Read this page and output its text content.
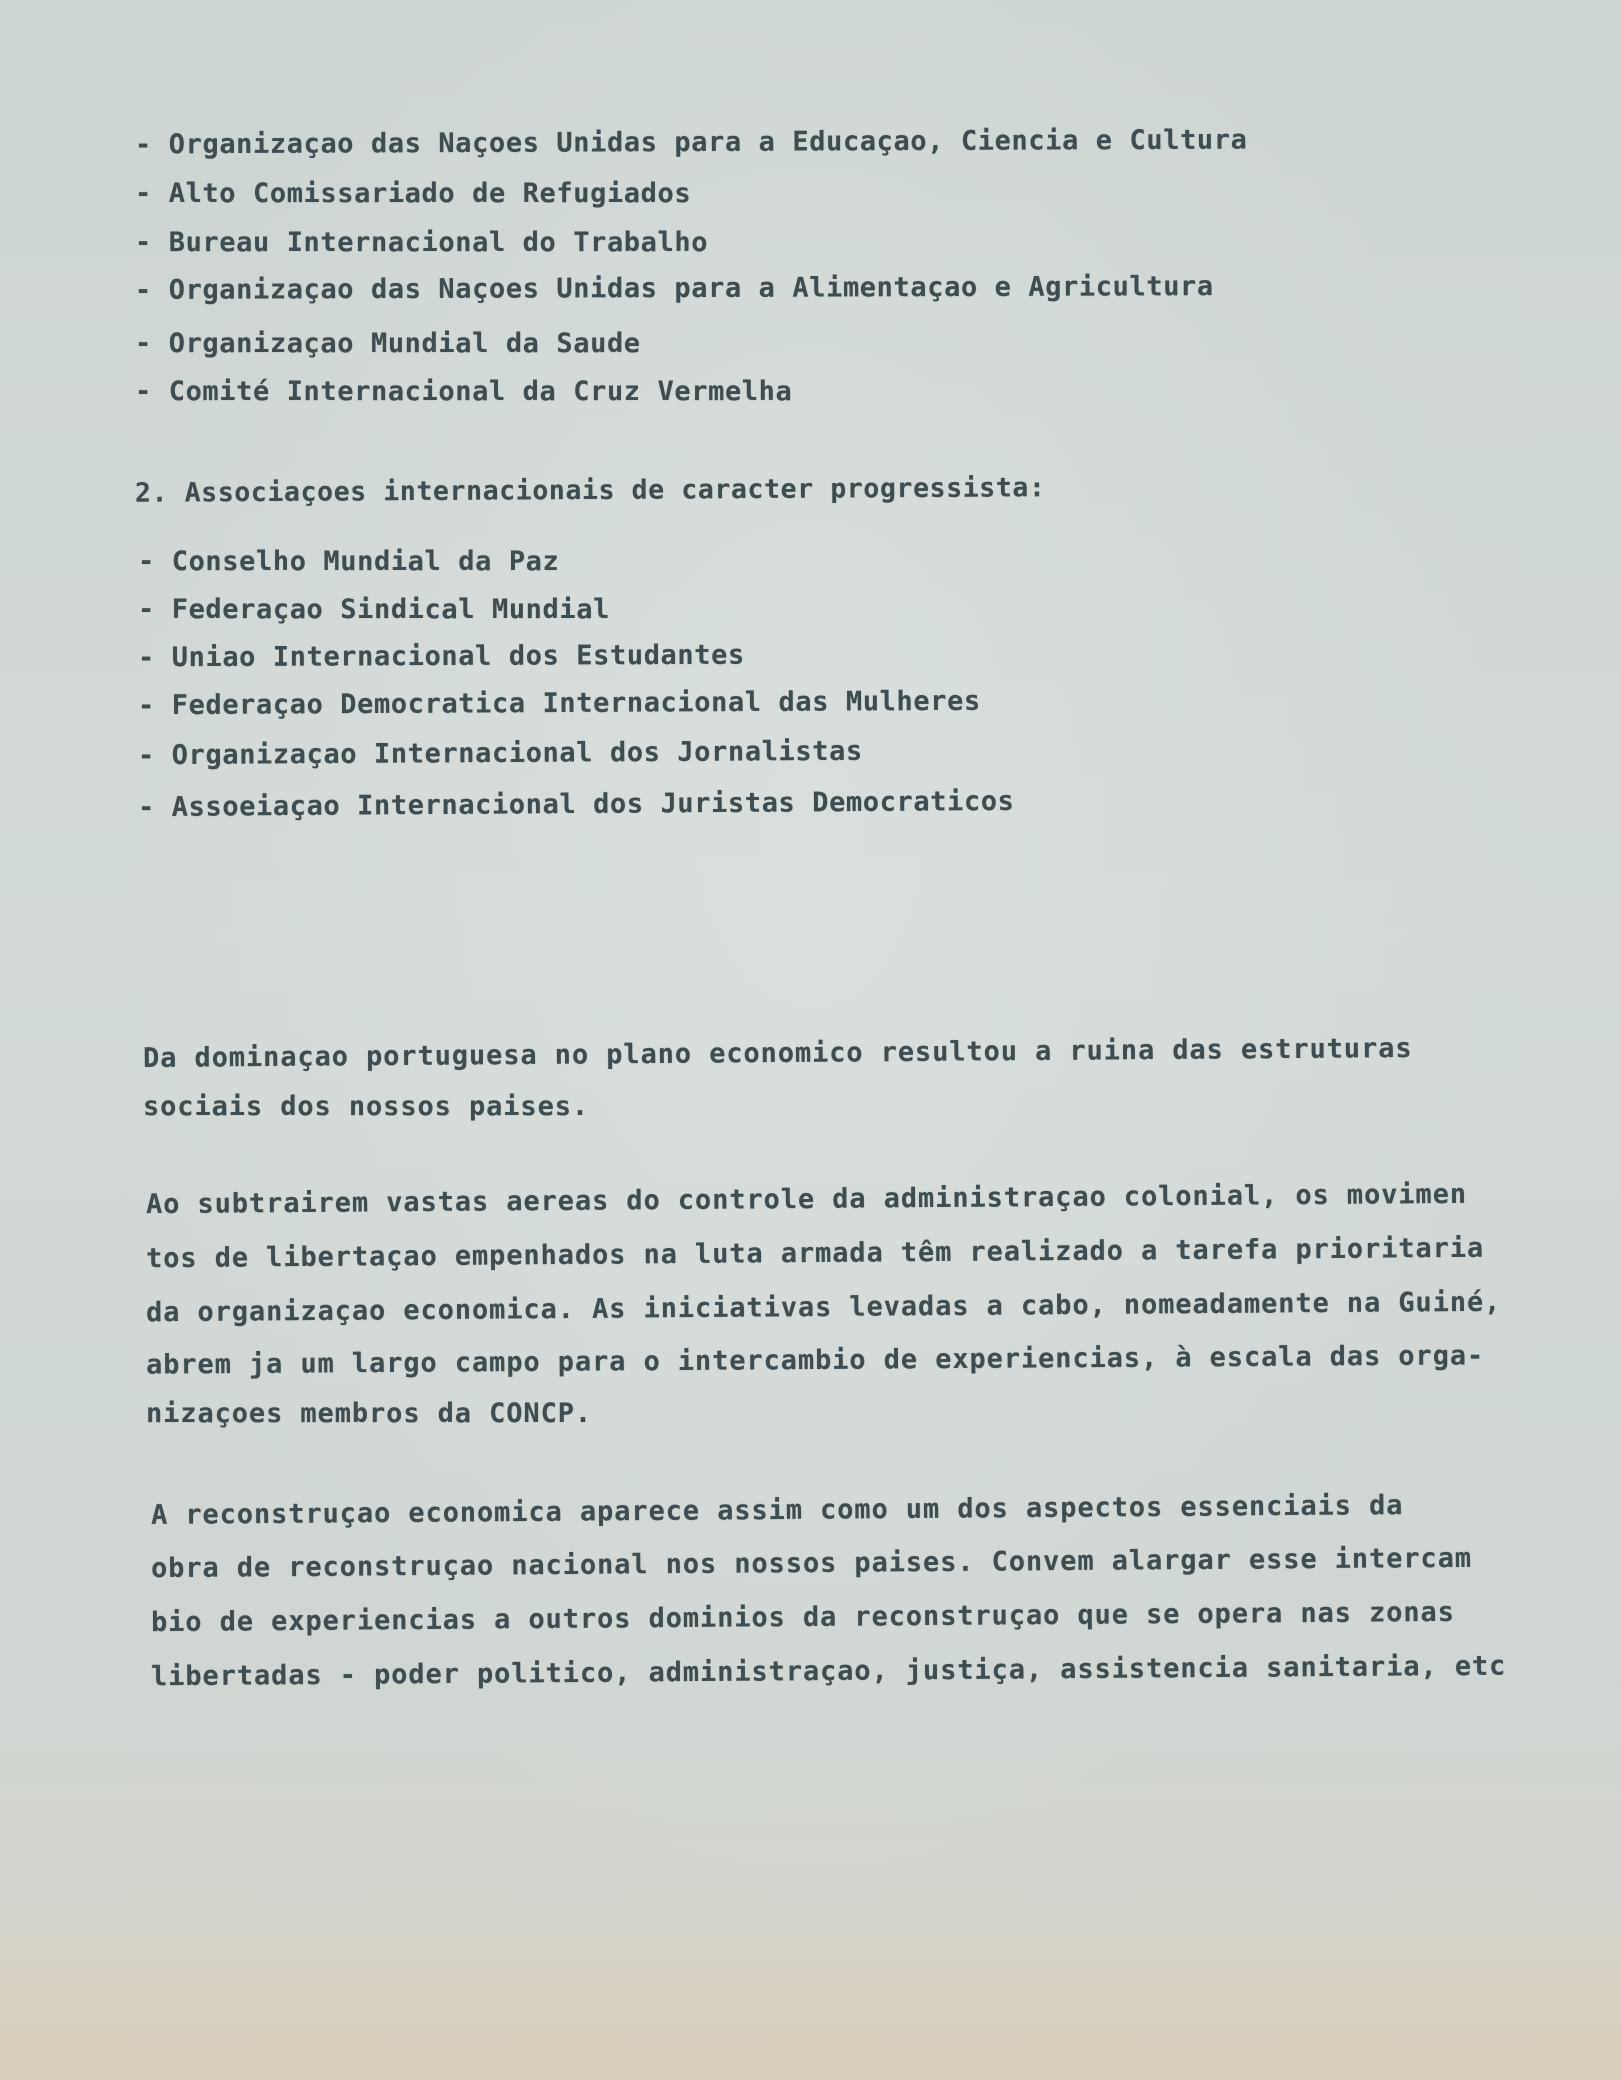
- Organizaçao das Naçoes Unidas para a Educaçao, Ciencia e Cultura
- Alto Comissariado de Refugiados
- Bureau Internacional do Trabalho
- Organizaçao das Naçoes Unidas para a Alimentaçao e Agricultura
- Organizaçao Mundial da Saude
- Comité Internacional da Cruz Vermelha
2. Associaçoes internacionais de caracter progressista:
- Conselho Mundial da Paz
- Federaçao Sindical Mundial
- Uniao Internacional dos Estudantes
- Federaçao Democratica Internacional das Mulheres
- Organizaçao Internacional dos Jornalistas
- Assoeiaçao Internacional dos Juristas Democraticos
Da dominaçao portuguesa no plano economico resultou a ruina das estruturas
sociais dos nossos paises.
Ao subtrairem vastas aereas do controle da administraçao colonial, os movimen
tos de libertaçao empenhados na luta armada têm realizado a tarefa prioritaria
da organizaçao economica. As iniciativas levadas a cabo, nomeadamente na Guiné,
abrem ja um largo campo para o intercambio de experiencias, à escala das orga-
nizaçoes membros da CONCP.
A reconstruçao economica aparece assim como um dos aspectos essenciais da
obra de reconstruçao nacional nos nossos paises. Convem alargar esse intercam
bio de experiencias a outros dominios da reconstruçao que se opera nas zonas
libertadas - poder politico, administraçao, justiça, assistencia sanitaria, etc
